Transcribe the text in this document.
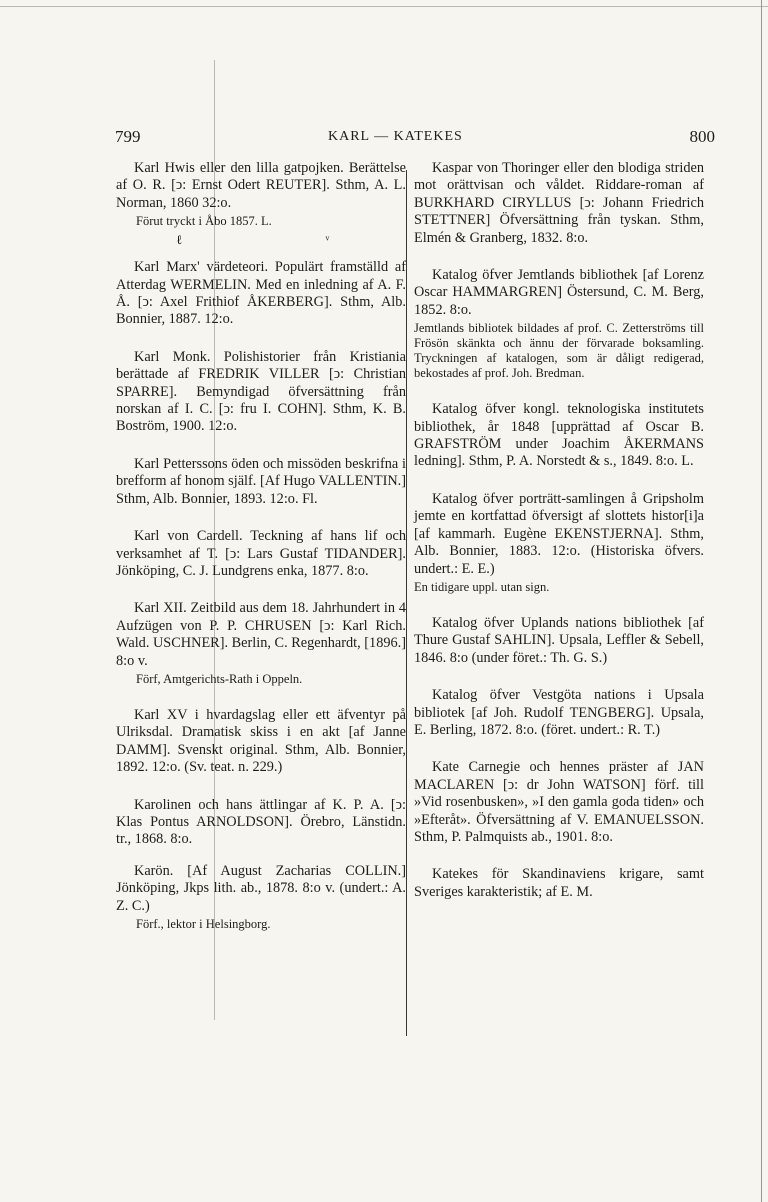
799	KARL — KATEKES	800
Karl Hwis eller den lilla gatpojken. Berättelse af O. R. [ↄ: Ernst Odert REUTER]. Sthm, A. L. Norman, 1860 32:o.
Förut tryckt i Åbo 1857. L.
ℓ ᵛ
Karl Marx' värdeteori. Populärt framställd af Atterdag WERMELIN. Med en inledning af A. F. Å. [ↄ: Axel Frithiof ÅKERBERG]. Sthm, Alb. Bonnier, 1887. 12:o.
Karl Monk. Polishistorier från Kristiania berättade af FREDRIK VILLER [ↄ: Christian SPARRE]. Bemyndigad öfversättning från norskan af I. C. [ↄ: fru I. COHN]. Sthm, K. B. Boström, 1900. 12:o.
Karl Petterssons öden och missöden beskrifna i brefform af honom själf. [Af Hugo VALLENTIN.] Sthm, Alb. Bonnier, 1893. 12:o. Fl.
Karl von Cardell. Teckning af hans lif och verksamhet af T. [ↄ: Lars Gustaf TIDANDER]. Jönköping, C. J. Lundgrens enka, 1877. 8:o.
Karl XII. Zeitbild aus dem 18. Jahrhundert in 4 Aufzügen von P. P. CHRUSEN [ↄ: Karl Rich. Wald. USCHNER]. Berlin, C. Regenhardt, [1896.] 8:o v.
Förf, Amtgerichts-Rath i Oppeln.
Karl XV i hvardagslag eller ett äfventyr på Ulriksdal. Dramatisk skiss i en akt [af Janne DAMM]. Svenskt original. Sthm, Alb. Bonnier, 1892. 12:o. (Sv. teat. n. 229.)
Karolinen och hans ättlingar af K. P. A. [ↄ: Klas Pontus ARNOLDSON]. Örebro, Länstidn. tr., 1868. 8:o.
Karön. [Af August Zacharias COLLIN.] Jönköping, Jkps lith. ab., 1878. 8:o v. (undert.: A. Z. C.)
Förf., lektor i Helsingborg.
Kaspar von Thoringer eller den blodiga striden mot orättvisan och våldet. Riddare-roman af BURKHARD CIRYLLUS [ↄ: Johann Friedrich STETTNER] Öfversättning från tyskan. Sthm, Elmén & Granberg, 1832. 8:o.
Katalog öfver Jemtlands bibliothek [af Lorenz Oscar HAMMARGREN] Östersund, C. M. Berg, 1852. 8:o.
Jemtlands bibliotek bildades af prof. C. Zetterströms till Frösön skänkta och ännu der förvarade boksamling. Tryckningen af katalogen, som är dåligt redigerad, bekostades af prof. Joh. Bredman.
Katalog öfver kongl. teknologiska institutets bibliothek, år 1848 [upprättad af Oscar B. GRAFSTRÖM under Joachim ÅKERMANS ledning]. Sthm, P. A. Norstedt & s., 1849. 8:o. L.
Katalog öfver porträtt-samlingen å Gripsholm jemte en kortfattad öfversigt af slottets histor[i]a [af kammarh. Eugène EKENSTJERNA]. Sthm, Alb. Bonnier, 1883. 12:o. (Historiska öfvers. undert.: E. E.)
En tidigare uppl. utan sign.
Katalog öfver Uplands nations bibliothek [af Thure Gustaf SAHLIN]. Upsala, Leffler & Sebell, 1846. 8:o (under föret.: Th. G. S.)
Katalog öfver Vestgöta nations i Upsala bibliotek [af Joh. Rudolf TENGBERG]. Upsala, E. Berling, 1872. 8:o. (föret. undert.: R. T.)
Kate Carnegie och hennes präster af JAN MACLAREN [ↄ: dr John WATSON] förf. till »Vid rosenbusken», »I den gamla goda tiden» och »Efteråt». Öfversättning af V. EMANUELSSON. Sthm, P. Palmquists ab., 1901. 8:o.
Katekes för Skandinaviens krigare, samt Sveriges karakteristik; af E. M.
